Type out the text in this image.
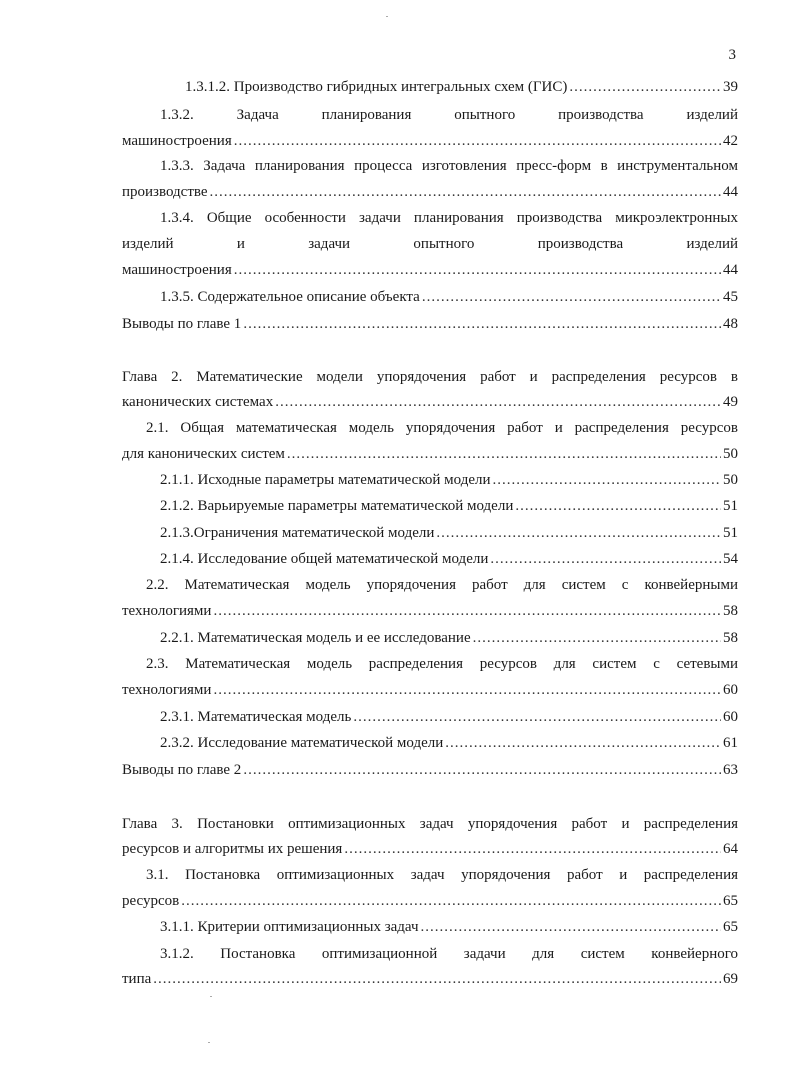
3
1.3.1.2. Производство гибридных интегральных схем (ГИС) .....	39
1.3.2. Задача планирования опытного производства изделий
машиностроения .....	42
1.3.3. Задача планирования процесса изготовления пресс-форм в инструментальном
производстве .....	44
1.3.4. Общие особенности задачи планирования производства микроэлектронных
изделий и задачи опытного производства изделий
машиностроения .....	44
1.3.5. Содержательное описание объекта .....	45
Выводы по главе 1 .....	48
Глава 2. Математические модели упорядочения работ и распределения ресурсов в
канонических системах .....	49
2.1. Общая математическая модель упорядочения работ и распределения ресурсов
для канонических систем .....	50
2.1.1. Исходные параметры математической модели .....	50
2.1.2. Варьируемые параметры математической модели .....	51
2.1.3.Ограничения математической модели .....	51
2.1.4. Исследование общей математической модели .....	54
2.2. Математическая модель упорядочения работ для систем с конвейерными
технологиями .....	58
2.2.1. Математическая модель и ее исследование .....	58
2.3. Математическая модель распределения ресурсов для систем с сетевыми
технологиями .....	60
2.3.1. Математическая модель .....	60
2.3.2. Исследование математической модели .....	61
Выводы по главе 2 .....	63
Глава 3. Постановки оптимизационных задач упорядочения работ и распределения
ресурсов и алгоритмы их решения .....	64
3.1. Постановка оптимизационных задач упорядочения работ и распределения
ресурсов .....	65
3.1.1. Критерии оптимизационных задач .....	65
3.1.2. Постановка оптимизационной задачи для систем конвейерного
типа .....	69
